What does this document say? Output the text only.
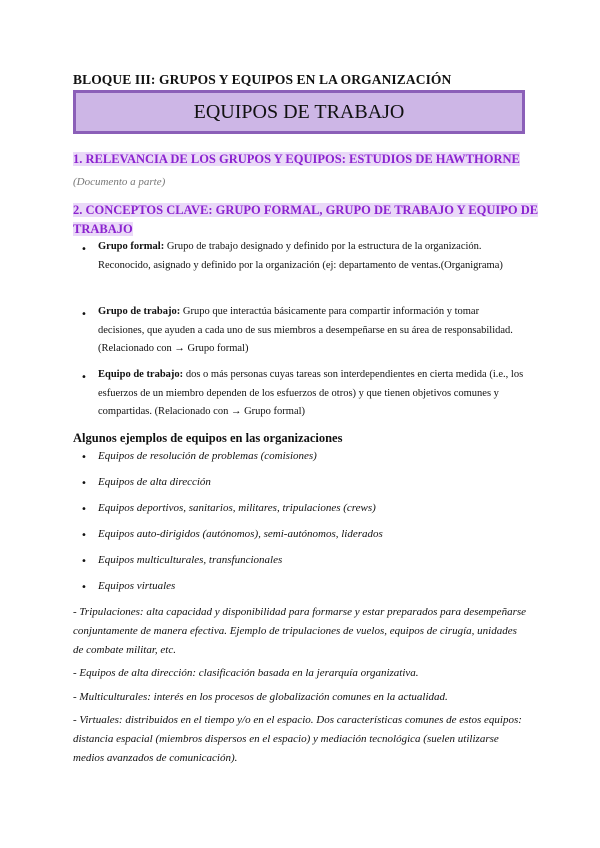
BLOQUE III: GRUPOS Y EQUIPOS EN LA ORGANIZACIÓN
EQUIPOS DE TRABAJO
1. RELEVANCIA DE LOS GRUPOS Y EQUIPOS: ESTUDIOS DE HAWTHORNE
(Documento a parte)
2. CONCEPTOS CLAVE: GRUPO FORMAL, GRUPO DE TRABAJO Y EQUIPO DE
TRABAJO
• Grupo formal: Grupo de trabajo designado y definido por la estructura de la organización. Reconocido, asignado y definido por la organización (ej: departamento de ventas.(Organigrama)
• Grupo de trabajo: Grupo que interactúa básicamente para compartir información y tomar decisiones, que ayuden a cada uno de sus miembros a desempeñarse en su área de responsabilidad.(Relacionado con → Grupo formal)
• Equipo de trabajo: dos o más personas cuyas tareas son interdependientes en cierta medida (i.e., los esfuerzos de un miembro dependen de los esfuerzos de otros) y que tienen objetivos comunes y compartidas. (Relacionado con → Grupo formal)
Algunos ejemplos de equipos en las organizaciones
• Equipos de resolución de problemas (comisiones)
• Equipos de alta dirección
• Equipos deportivos, sanitarios, militares, tripulaciones (crews)
• Equipos auto-dirigidos (autónomos), semi-autónomos, liderados
• Equipos multiculturales, transfuncionales
• Equipos virtuales
- Tripulaciones: alta capacidad y disponibilidad para formarse y estar preparados para desempeñarse conjuntamente de manera efectiva. Ejemplo de tripulaciones de vuelos, equipos de cirugía, unidades de combate militar, etc.
- Equipos de alta dirección: clasificación basada en la jerarquía organizativa.
- Multiculturales: interés en los procesos de globalización comunes en la actualidad.
- Virtuales: distribuidos en el tiempo y/o en el espacio. Dos características comunes de estos equipos: distancia espacial (miembros dispersos en el espacio) y mediación tecnológica (suelen utilizarse medios avanzados de comunicación).
